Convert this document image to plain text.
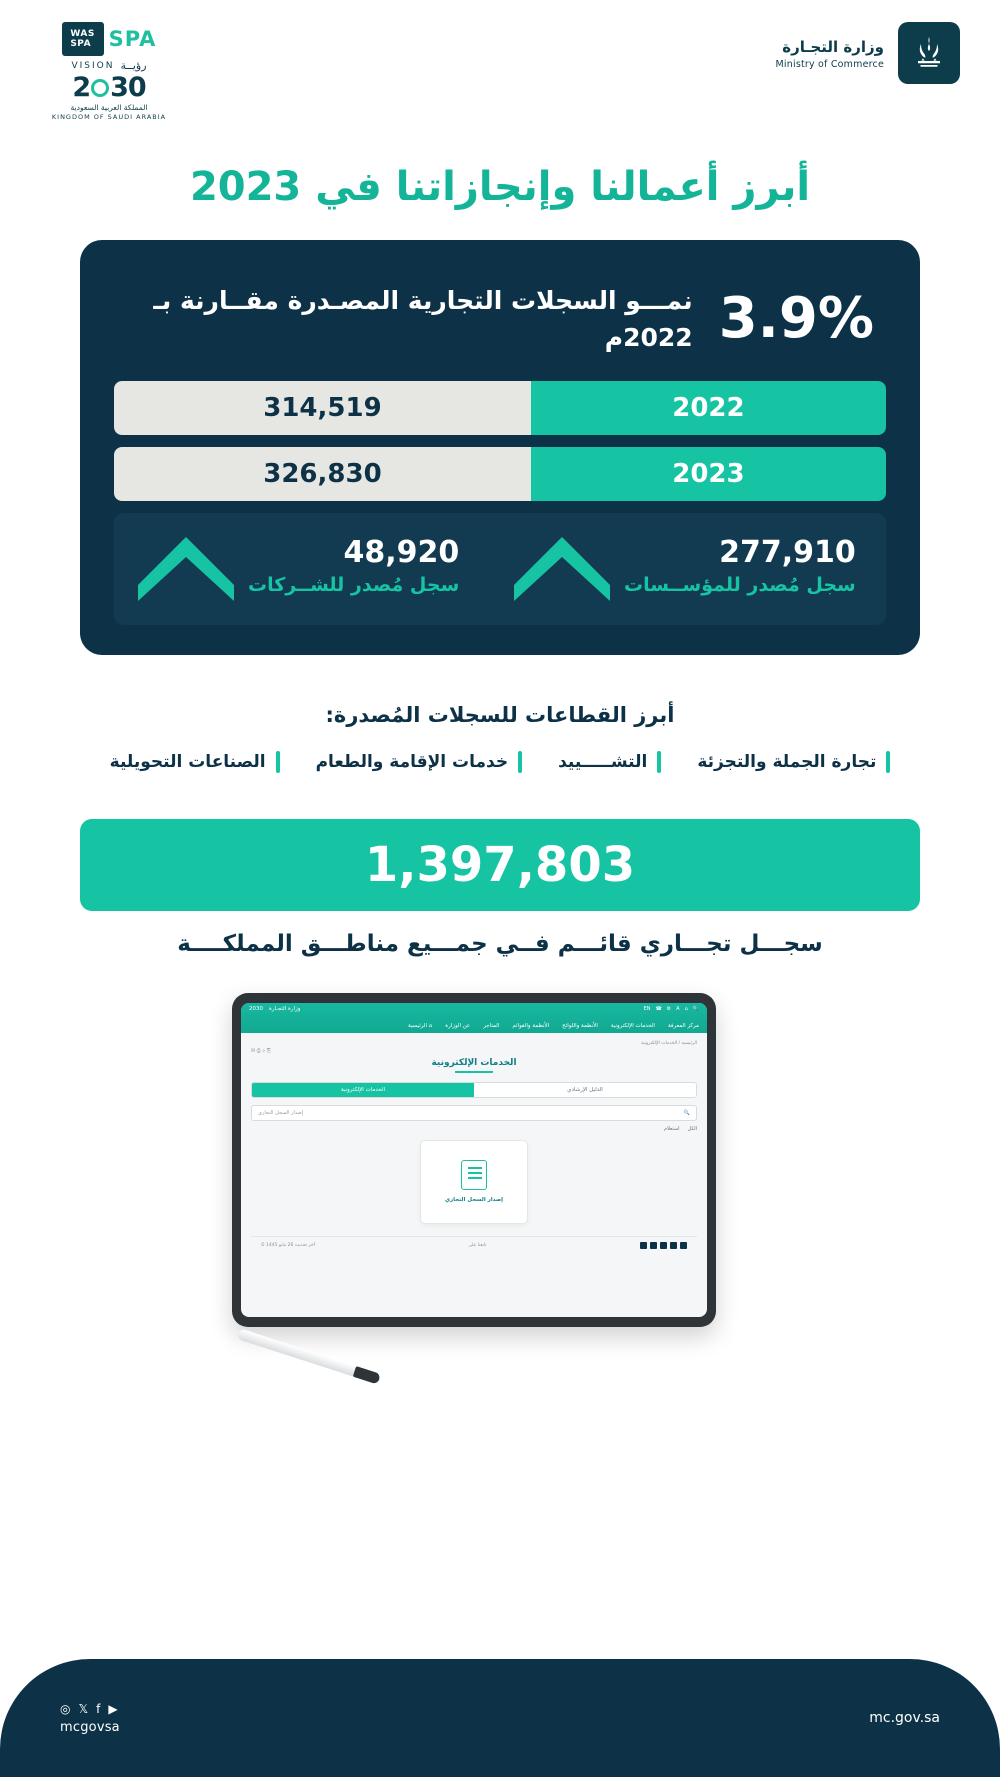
WAS
SPA SPA
VISION رؤيــة
2 30
المملكة العربية السعودية
KINGDOM OF SAUDI ARABIA
وزارة التجـارة
Ministry of Commerce
أبرز أعمالنا وإنجازاتنا في 2023
3.9%
نمـــو السجلات التجارية المصـدرة مقــارنة بـ 2022م
2022
314,519
2023
326,830
277,910
سجل مُصدر للمؤســسات
48,920
سجل مُصدر للشــركات
أبرز القطاعات للسجلات المُصدرة:
تجارة الجملة والتجزئة
التشـــــييد
خدمات الإقامة والطعام
الصناعات التحويلية
1,397,803
سجـــل تجـــاري قائـــم فــي جمـــيع مناطـــق المملكــــة
🔍
⌂
A
⚙
☎
EN
وزارة التجـارة
2030
مركز المعرفة
الخدمات الإلكترونية
الأنظمة واللوائح
الأنظمة والقوائم
المتاجر
عن الوزارة
⌂ الرئيسية
الرئيسية / الخدمات الإلكترونية
⎘ ⌕ ⎙ ✉
الخدمات الإلكترونية
الدليل الإرشادي
الخدمات الإلكترونية
🔍
إصدار السجل التجاري
الكل
استعلام
إصدار السجل التجاري
تابعنا على
آخر تحديث 26 مايو 1445 ⏱
◎ 𝕏 f ▶
mcgovsa
mc.gov.sa
